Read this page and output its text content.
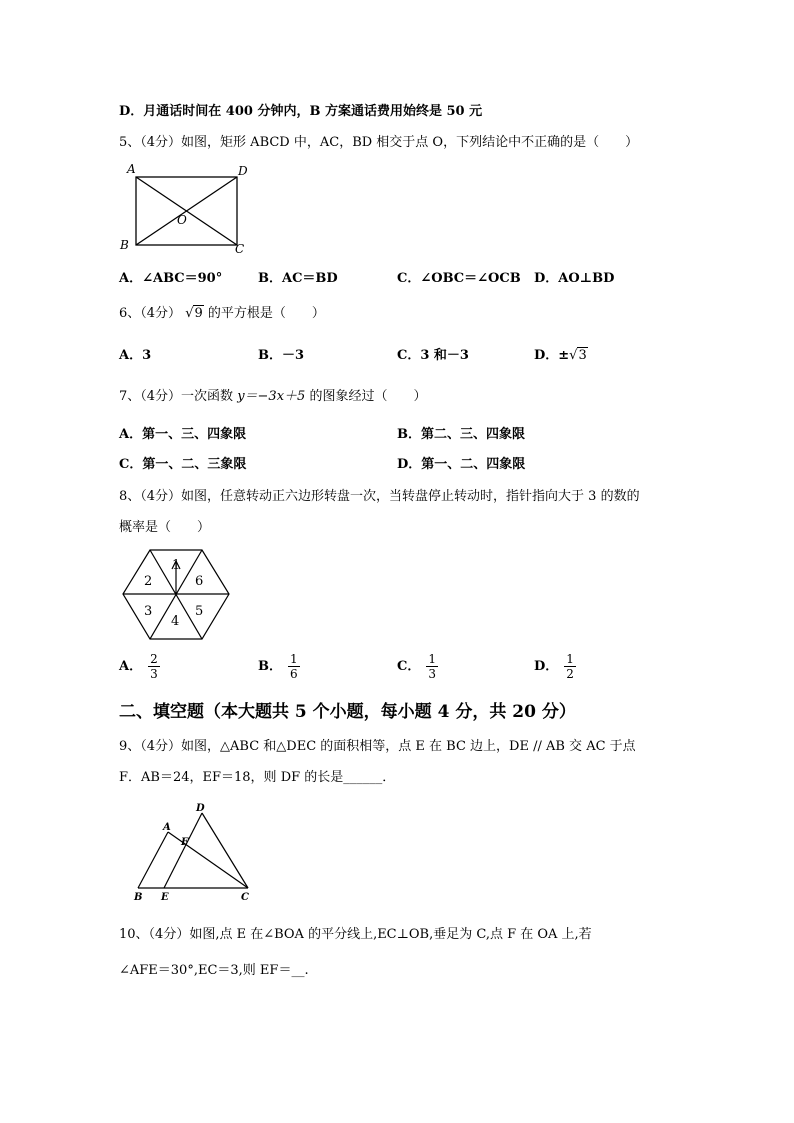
D．月通话时间在 400 分钟内，B 方案通话费用始终是 50 元
5、（4分）如图，矩形 ABCD 中，AC，BD 相交于点 O，下列结论中不正确的是（　　）
A	D
B	C
O
A．∠ABC＝90°	B．AC＝BD	C．∠OBC＝∠OCB D．AO⊥BD
6、（4分） √9 的平方根是（　　）
A．3	B．－3	C．3 和－3	D．±√3
7、（4分）一次函数 y＝−3x＋5 的图象经过（　　）
A．第一、三、四象限	B．第二、三、四象限
C．第一、二、三象限	D．第一、二、四象限
8、（4分）如图，任意转动正六边形转盘一次，当转盘停止转动时，指针指向大于 3 的数的
概率是（　　）
1
2
3
4
5
6
A． $\frac{2}{3}$	B． $\frac{1}{6}$	C． $\frac{1}{3}$	D． $\frac{1}{2}$
二、填空题（本大题共 5 个小题，每小题 4 分，共 20 分）
9、（4分）如图，△ABC 和△DEC 的面积相等，点 E 在 BC 边上，DE // AB 交 AC 于点
F．AB＝24，EF＝18，则 DF 的长是______．
A
B	C
D
E
F
10、（4分）如图,点 E 在∠BOA 的平分线上,EC⊥OB,垂足为 C,点 F 在 OA 上,若
∠AFE＝30°,EC＝3,则 EF＝__.
